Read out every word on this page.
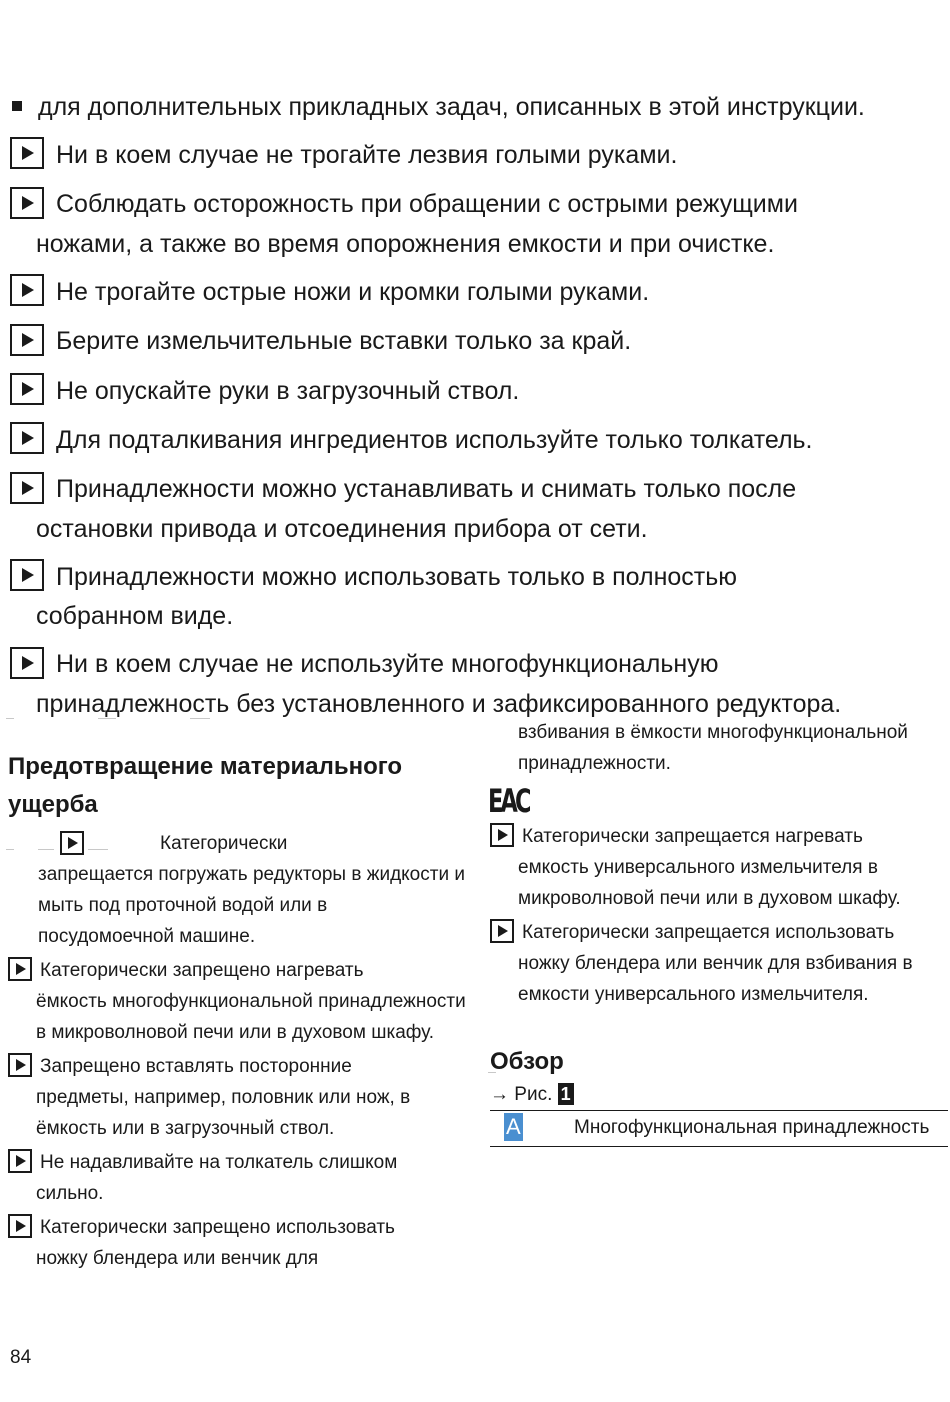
для дополнительных прикладных задач, описанных в этой инструкции.
Ни в коем случае не трогайте лезвия голыми руками.
Соблюдать осторожность при обращении с острыми режущими
ножами, а также во время опорожнения емкости и при очистке.
Не трогайте острые ножи и кромки голыми руками.
Берите измельчительные вставки только за край.
Не опускайте руки в загрузочный ствол.
Для подталкивания ингредиентов используйте только толкатель.
Принадлежности можно устанавливать и снимать только после
остановки привода и отсоединения прибора от сети.
Принадлежности можно использовать только в полностью
собранном виде.
Ни в коем случае не используйте многофункциональную
принадлежность без установленного и зафиксированного редуктора.
Предотвращение материального
ущерба
Категорически
запрещается погружать редукторы в жидкости и мыть под проточной водой или в посудомоечной машине.
Категорически запрещено нагревать
ёмкость многофункциональной принадлежности в микроволновой печи или в духовом шкафу.
Запрещено вставлять посторонние
предметы, например, половник или нож, в ёмкость или в загрузочный ствол.
Не надавливайте на толкатель слишком
сильно.
Категорически запрещено использовать
ножку блендера или венчик для
взбивания в ёмкости многофункциональной принадлежности.
ЕАС
Категорически запрещается нагревать
емкость универсального измельчителя в микроволновой печи или в духовом шкафу.
Категорически запрещается использовать
ножку блендера или венчик для взбивания в емкости универсального измельчителя.
Обзор
→ Рис. 1
A	Многофункциональная принадлежность
84
